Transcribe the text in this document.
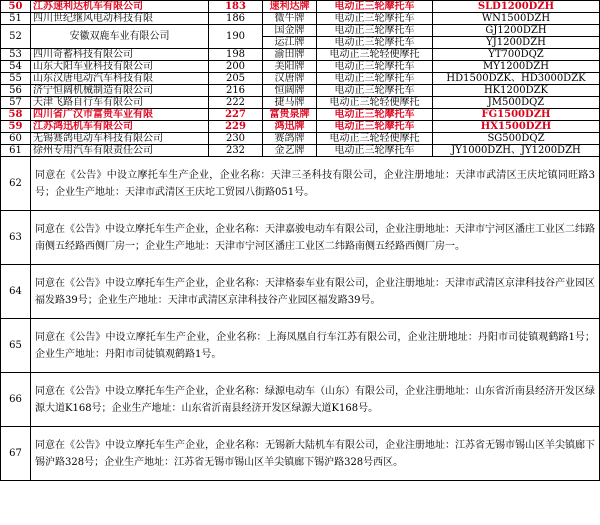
50	江苏速利达机车有限公司	183	速利达牌	电动正三轮摩托车	SLD1200DZH
51	四川世纪继风电动科技有限	186	微牛牌	电动正三轮摩托车	WN1500DZH
52	安徽双鹿车业有限公司	190	国金牌	电动正三轮摩托车	GJ1200DZH
			运江牌	电动正三轮摩托车	YJ1200DZH
53	四川奇蓄科技有限公司	198	渝田牌	电动正三轮轻便摩托	YT700DQZ
54	山东大阳车业科技有限公司	200	美阳牌	电动正三轮摩托车	MY1200DZH
55	山东汉唐电动汽车科技有限	205	汉唐牌	电动正三轮摩托车	HD1500DZK、HD3000DZK
56	济宁恒阔机械制造有限公司	216	恒阔牌	电动正三轮摩托车	HK1200DZK
57	天津飞路自行车有限公司	222	捷马牌	电动正三轮轻便摩托	JM500DQZ
58	四川省广汉市富贵车业有限	227	富贵泉牌	电动正三轮摩托车	FG1500DZH
59	江苏鸿迅机车有限公司	229	鸿迅牌	电动正三轮摩托车	HX1500DZH
60	无锡赛鸽电动车科技有限公司	230	赛鸽牌	电动正三轮轻便摩托	SG500DQZ
61	徐州专用汽车有限责任公司	232	金艺牌	电动正三轮摩托车	JY1000DZH、JY1200DZH
62	同意在《公告》中设立摩托车生产企业，企业名称：天津三圣科技有限公司，企业注册地址：天津市武清区王庆坨镇同旺路3号；企业生产地址：天津市武清区王庆坨工贸园八街路051号。				
63	同意在《公告》中设立摩托车生产企业，企业名称：天津嘉骏电动车有限公司，企业注册地址：天津市宁河区潘庄工业区二纬路南侧五经路西侧厂房一；企业生产地址：天津市宁河区潘庄工业区二纬路南侧五经路西侧厂房一。				
64	同意在《公告》中设立摩托车生产企业，企业名称：天津格泰车业有限公司，企业注册地址：天津市武清区京津科技谷产业园区福发路39号；企业生产地址：天津市武清区京津科技谷产业园区福发路39号。				
65	同意在《公告》中设立摩托车生产企业，企业名称：上海凤凰自行车江苏有限公司，企业注册地址：丹阳市司徒镇观鹤路1号；企业生产地址：丹阳市司徒镇观鹤路1号。				
66	同意在《公告》中设立摩托车生产企业，企业名称：绿源电动车（山东）有限公司，企业注册地址：山东省沂南县经济开发区绿源大道K168号；企业生产地址：山东省沂南县经济开发区绿源大道K168号。				
67	同意在《公告》中设立摩托车生产企业，企业名称：无锡新大陆机车有限公司，企业注册地址：江苏省无锡市锡山区羊尖镇廊下锡沪路328号；企业生产地址：江苏省无锡市锡山区羊尖镇廊下锡沪路328号西区。				
